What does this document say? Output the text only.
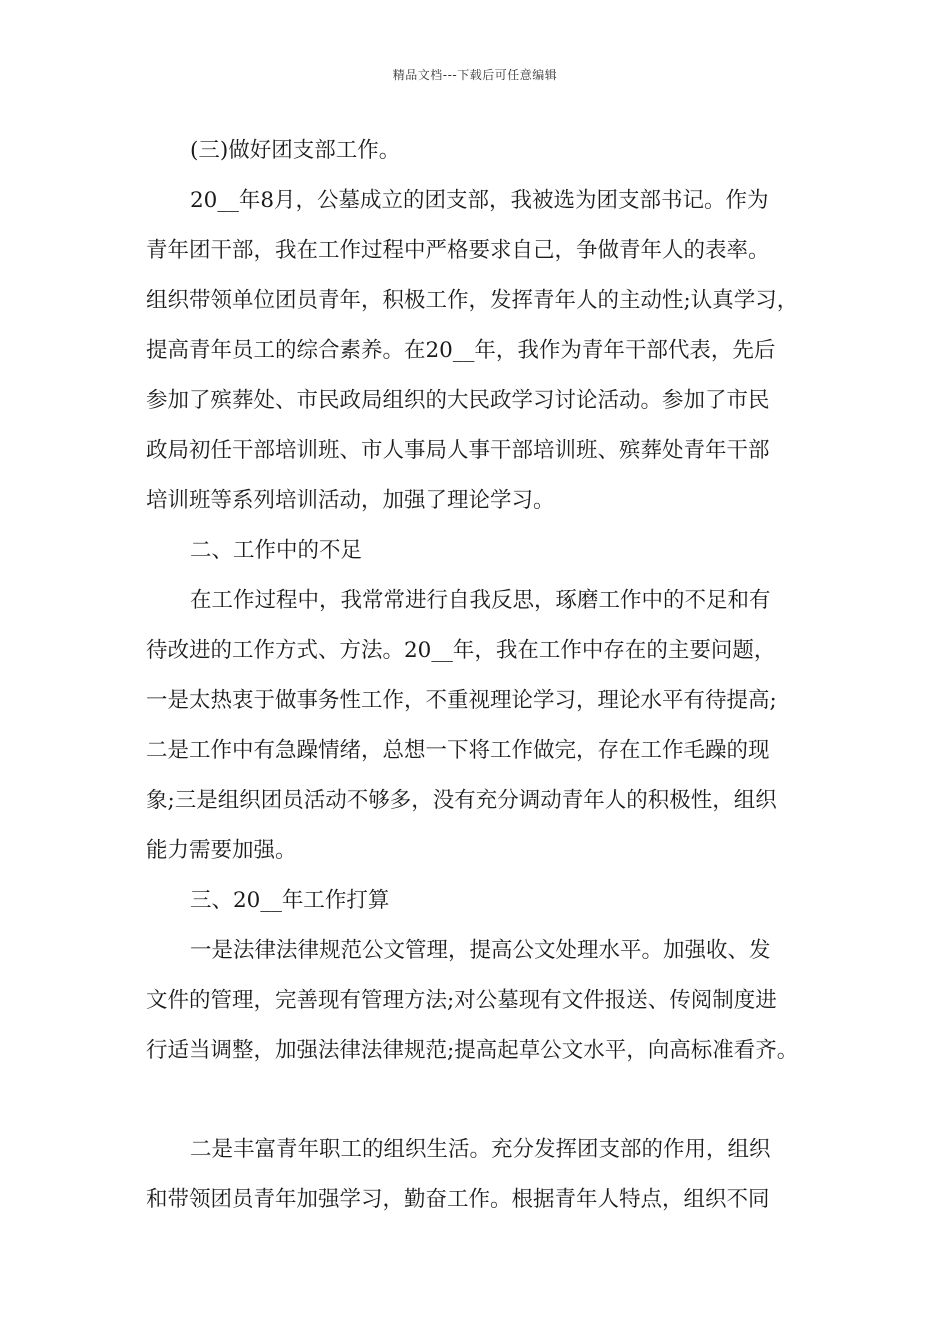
精品文档---下载后可任意编辑
(三)做好团支部工作。
20__年8月，公墓成立的团支部，我被选为团支部书记。作为
青年团干部，我在工作过程中严格要求自己，争做青年人的表率。
组织带领单位团员青年，积极工作，发挥青年人的主动性;认真学习，
提高青年员工的综合素养。在20__年，我作为青年干部代表，先后
参加了殡葬处、市民政局组织的大民政学习讨论活动。参加了市民
政局初任干部培训班、市人事局人事干部培训班、殡葬处青年干部
培训班等系列培训活动，加强了理论学习。
二、工作中的不足
在工作过程中，我常常进行自我反思，琢磨工作中的不足和有
待改进的工作方式、方法。20__年，我在工作中存在的主要问题，
一是太热衷于做事务性工作，不重视理论学习，理论水平有待提高;
二是工作中有急躁情绪，总想一下将工作做完，存在工作毛躁的现
象;三是组织团员活动不够多，没有充分调动青年人的积极性，组织
能力需要加强。
三、20__年工作打算
一是法律法律规范公文管理，提高公文处理水平。加强收、发
文件的管理，完善现有管理方法;对公墓现有文件报送、传阅制度进
行适当调整，加强法律法律规范;提高起草公文水平，向高标准看齐。
二是丰富青年职工的组织生活。充分发挥团支部的作用，组织
和带领团员青年加强学习，勤奋工作。根据青年人特点，组织不同
